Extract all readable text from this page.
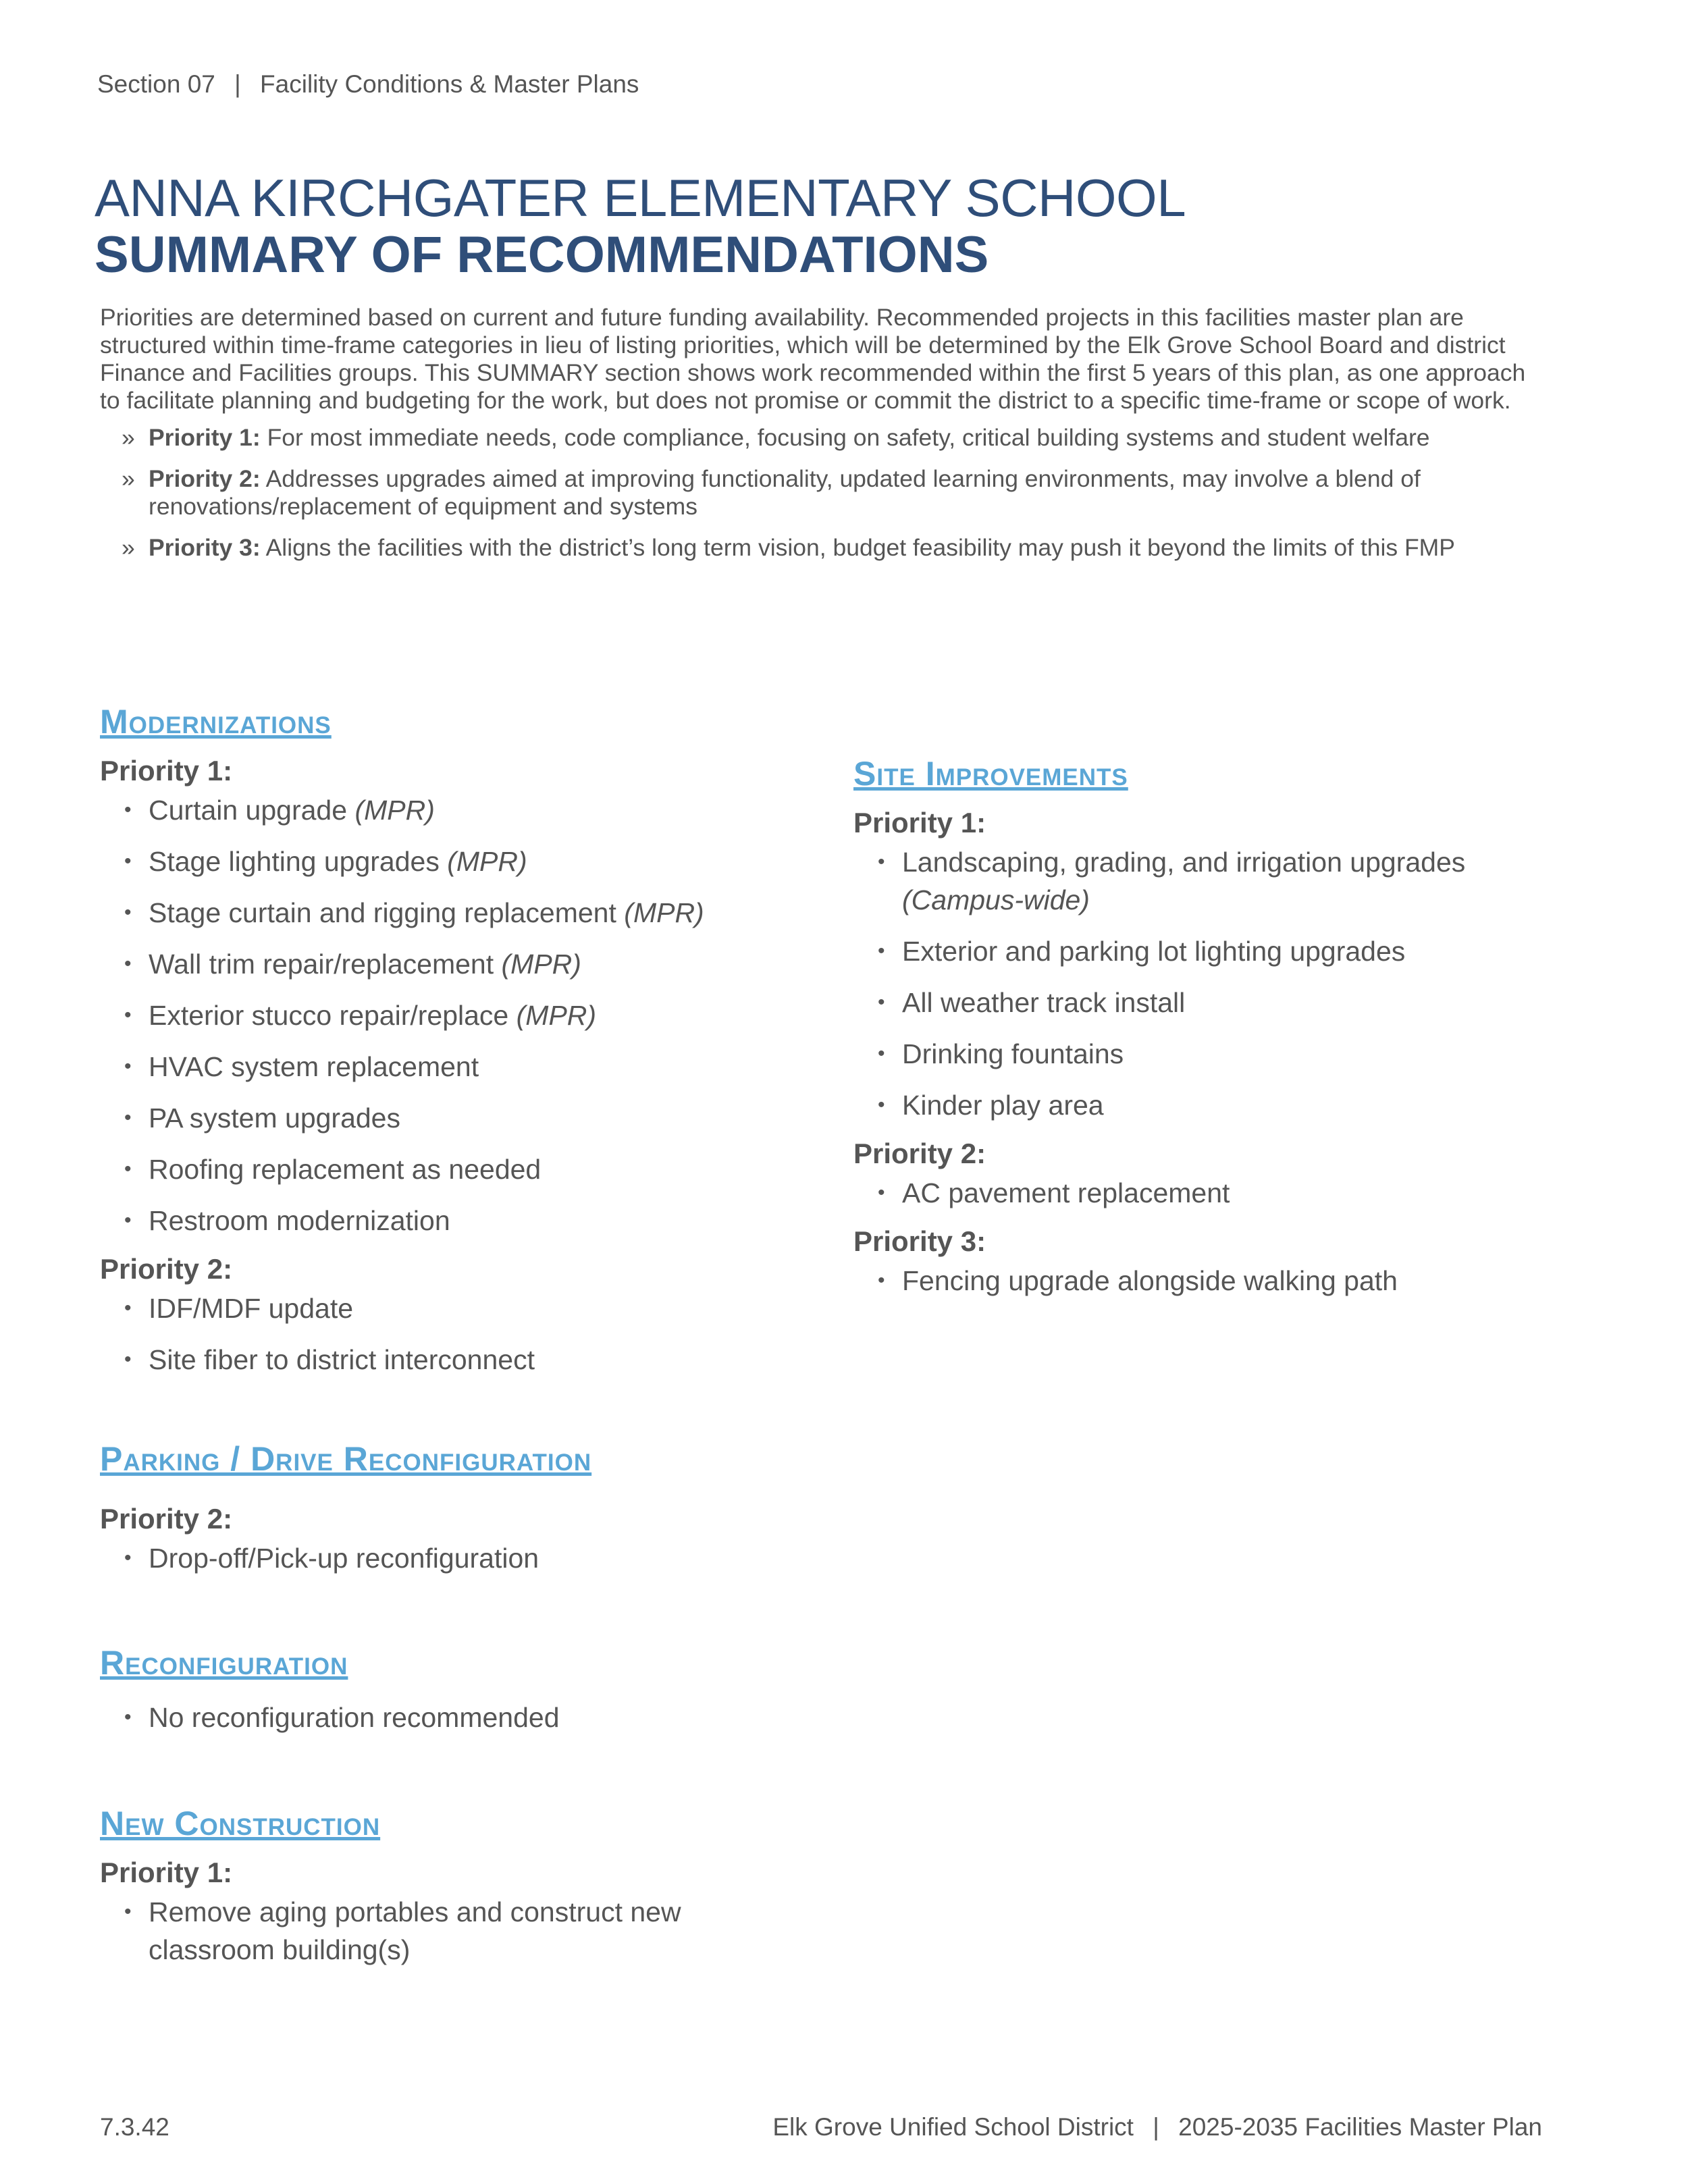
Section 07 | Facility Conditions & Master Plans
ANNA KIRCHGATER ELEMENTARY SCHOOL
SUMMARY OF RECOMMENDATIONS

Priorities are determined based on current and future funding availability. Recommended projects in this facilities master plan are structured within time-frame categories in lieu of listing priorities, which will be determined by the Elk Grove School Board and district Finance and Facilities groups. This SUMMARY section shows work recommended within the first 5 years of this plan, as one approach to facilitate planning and budgeting for the work, but does not promise or commit the district to a specific time-frame or scope of work.

» Priority 1: For most immediate needs, code compliance, focusing on safety, critical building systems and student welfare
» Priority 2: Addresses upgrades aimed at improving functionality, updated learning environments, may involve a blend of renovations/replacement of equipment and systems
» Priority 3: Aligns the facilities with the district’s long term vision, budget feasibility may push it beyond the limits of this FMP
Modernizations
Priority 1:
• Curtain upgrade (MPR)
• Stage lighting upgrades (MPR)
• Stage curtain and rigging replacement (MPR)
• Wall trim repair/replacement (MPR)
• Exterior stucco repair/replace (MPR)
• HVAC system replacement
• PA system upgrades
• Roofing replacement as needed
• Restroom modernization
Priority 2:
• IDF/MDF update
• Site fiber to district interconnect
Parking / Drive Reconfiguration
Priority 2:
• Drop-off/Pick-up reconfiguration
Reconfiguration
• No reconfiguration recommended
New Construction
Priority 1:
• Remove aging portables and construct new classroom building(s)
Site Improvements
Priority 1:
• Landscaping, grading, and irrigation upgrades
(Campus-wide)
• Exterior and parking lot lighting upgrades
• All weather track install
• Drinking fountains
• Kinder play area
Priority 2:
• AC pavement replacement
Priority 3:
• Fencing upgrade alongside walking path
7.3.42	Elk Grove Unified School District | 2025-2035 Facilities Master Plan
